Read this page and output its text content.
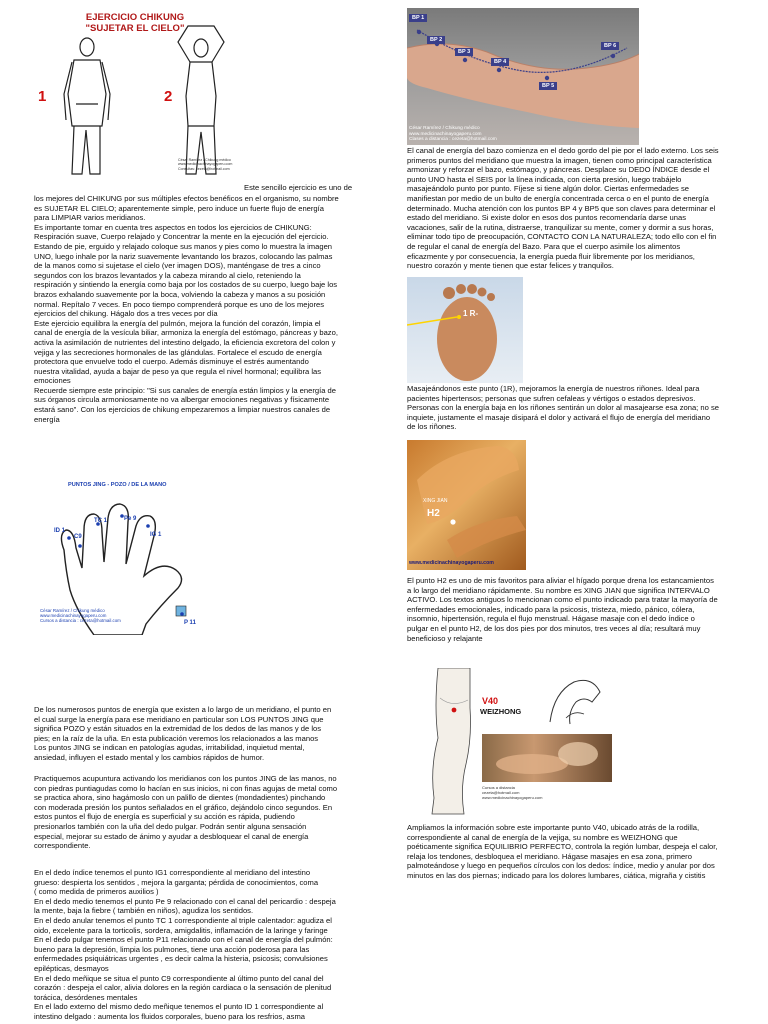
EJERCICIO CHIKUNG
"SUJETAR EL CIELO"
1	2
César Ramírez / Chikung médico
www.medicinachinayogaperu.com
Consultas: cezeta@hotmail.com
Este sencillo ejercicio es uno de
los mejores del CHIKUNG por sus múltiples efectos benéficos en el organismo, su nombre
es SUJETAR EL CIELO; aparentemente simple, pero induce un fuerte flujo de energía
para LIMPIAR varios meridianos.
Es importante tomar en cuenta tres aspectos en todos los ejercicios de CHIKUNG:
Respiración suave, Cuerpo relajado y Concentrar la mente en la ejecución del ejercicio.
Estando de pie, erguido y relajado coloque sus manos y pies como lo muestra la imagen
UNO, luego inhale por la nariz suavemente levantando los brazos, colocando las palmas
de la manos como si sujetase el cielo (ver imagen DOS), manténgase de tres a cinco
segundos con los brazos levantados y la cabeza mirando al cielo, reteniendo la
respiración y sintiendo la energía como baja por los costados de su cuerpo, luego baje los
brazos exhalando suavemente por la boca, volviendo la cabeza y manos a su posición
normal. Repítalo 7 veces. En poco tiempo comprenderá porque es uno de los mejores
ejercicios del chikung. Hágalo dos a tres veces por día
Este ejercicio equilibra la energía del pulmón, mejora la función del corazón, limpia el
canal de energía de la vesícula biliar, armoniza la energía del estómago, páncreas y bazo,
activa la asimilación de nutrientes del intestino delgado, la eficiencia excretora del colon y
vejiga y las secreciones hormonales de las glándulas. Fortalece el escudo de energía
protectora que envuelve todo el cuerpo. Además disminuye el estrés aumentando
nuestra vitalidad, ayuda a bajar de peso ya que regula el nivel hormonal; equilibra las
emociones
Recuerde siempre este principio: "Si sus canales de energía están limpios y la energía de
sus órganos circula armoniosamente no va albergar emociones negativas y físicamente
estará sano". Con los ejercicios de chikung empezaremos a limpiar nuestros canales de
energía
PUNTOS JING - POZO / DE LA MANO
ID 1
C9
TC 1	Pe 9
IG 1
P 11
César Ramírez / Chikung médico
www.medicinachinayogaperu.com
Cursos a distancia : cezeta@hotmail.com
De los numerosos puntos de energía que existen a lo largo de un meridiano, el punto en
el cual surge la energía para ese meridiano en particular son LOS PUNTOS JING que
significa POZO y están situados en la extremidad de los dedos de las manos y de los
pies; en la raíz de la uña. En esta publicación veremos los relacionados a las manos
Los puntos JING se indican en patologías agudas, irritabilidad, inquietud mental,
ansiedad, influyen el estado mental y los cambios rápidos de humor.
Practiquemos acupuntura activando los meridianos con los puntos JING de las manos, no
con piedras puntiagudas como lo hacían en sus inicios, ni con finas agujas de metal como
se practica ahora, sino hagámoslo con un palillo de dientes (mondadientes) pinchando
con moderada presión los puntos señalados en el gráfico, dejándolo cinco segundos. En
estos puntos el flujo de energía es superficial y su acción es rápida, pudiendo
presionarlos también con la uña del dedo pulgar. Podrán sentir alguna sensación
especial, mejorar su estado de ánimo y ayudar a desbloquear el canal de energía
correspondiente.
En el dedo índice tenemos el punto IG1 correspondiente al meridiano del intestino
grueso: despierta los sentidos , mejora la garganta; pérdida de conocimientos, coma
( como medida de primeros auxilios )
En el dedo medio tenemos el punto Pe 9 relacionado con el canal del pericardio : despeja
la mente, baja la fiebre ( también en niños), agudiza los sentidos.
En el dedo anular tenemos el punto TC 1 correspondiente al triple calentador: agudiza el
oido, excelente para la torticolis, sordera, amigdalitis, inflamación de la laringe y faringe
En el dedo pulgar tenemos el punto P11 relacionado con el canal de energía del pulmón:
bueno para la depresión, limpia los pulmones, tiene una acción poderosa para las
enfermedades psiquiátricas urgentes , es decir calma la histeria, psicosis; convulsiones
epilépticas, desmayos
En el dedo meñique se situa el punto C9 correspondiente al último punto del canal del
corazón : despeja el calor, alivia dolores en la región cardiaca o la sensación de plenitud
torácica, desórdenes mentales
En el lado externo del mismo dedo meñique tenemos el punto ID 1 correspondiente al
intestino delgado : aumenta los fluidos corporales, bueno para los resfrios, asma
BP 1
BP 2
BP 3
BP 4
BP 5
BP 6
César Ramírez / Chikung médico
www.medicinachinayogaperu.com
Clases a distancia : cezeta@hotmail.com
El canal de energía del bazo comienza en el dedo gordo del pie por el lado externo. Los seis
primeros puntos del meridiano que muestra la imagen, tienen como principal característica
armonizar y reforzar el bazo, estómago, y páncreas. Desplace su DEDO ÍNDICE desde el
punto UNO hasta el SEIS por la línea indicada, con cierta presión, luego trabájelo
masajeándolo punto por punto. Fíjese si tiene algún dolor. Ciertas enfermedades se
manifiestan por medio de un bulto de energía concentrada cerca o en el punto de energía
determinado. Mucha atención con los puntos BP 4 y BP5 que son claves para determinar el
estado del meridiano. Si existe dolor en esos dos puntos recomendaría darse unas
vacaciones, salir de la rutina, distraerse, tranquilizar su mente, comer y dormir a sus horas,
eliminar todo tipo de preocupación, CONTACTO CON LA NATURALEZA; todo ello con el fin
de regular el canal de energía del Bazo. Para que el cuerpo asimile los alimentos
eficazmente y por consecuencia, la energía pueda fluir libremente por los meridianos,
nuestro corazón y mente tienen que estar felices y tranquilos.
1 R-
Masajeándonos este punto (1R), mejoramos la energía de nuestros riñones. Ideal para
pacientes hipertensos; personas que sufren cefaleas y vértigos o estados depresivos.
Personas con la energía baja en los riñones sentirán un dolor al masajearse esa zona; no se
inquiete, justamente el masaje disipará el dolor y activará el flujo de energía del meridiano
de los riñones.
XING JIAN
H2
www.medicinachinayogaperu.com
El punto H2 es uno de mis favoritos para aliviar el hígado porque drena los estancamientos
a lo largo del meridiano rápidamente. Su nombre es XING JIAN que significa INTERVALO
ACTIVO. Los textos antiguos lo mencionan como el punto indicado para tratar la mayoría de
enfermedades emocionales, indicado para la psicosis, tristeza, miedo, pánico, cólera,
insomnio, hipertensión, regula el flujo menstrual. Hágase masaje con el dedo índice o
pulgar en el punto H2, de los dos pies por dos minutos, tres veces al día; resultará muy
beneficioso y relajante
V40
WEIZHONG
Cursos a distancia
cezeta@hotmail.com
www.medicinachinayogaperu.com
Ampliamos la información sobre este importante punto V40, ubicado atrás de la rodilla,
correspondiente al canal de energía de la vejiga, su nombre es WEIZHONG que
poéticamente significa EQUILIBRIO PERFECTO, controla la región lumbar, despeja el calor,
relaja los tendones, desbloquea el meridiano. Hágase masajes en esa zona, primero
palmoteándose y luego en pequeños círculos con los dedos: índice, medio y anular por dos
minutos en las dos piernas; indicado para los dolores lumbares, ciática, migraña y cistitis
